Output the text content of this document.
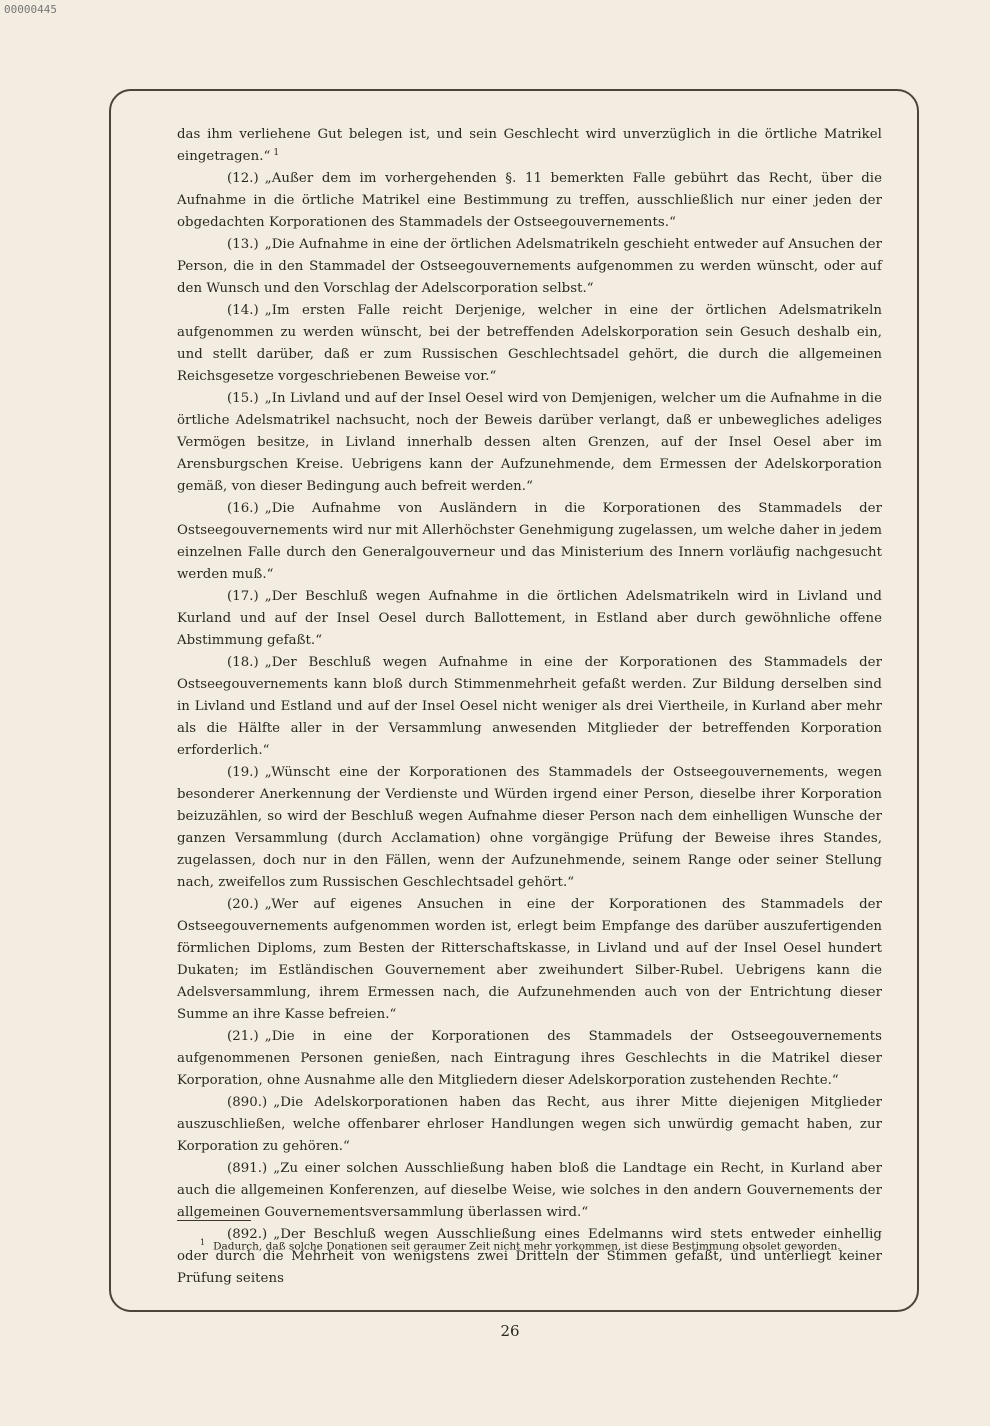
00000445

das ihm verliehene Gut belegen ist, und sein Geschlecht wird unverzüglich in die örtliche Matrikel eingetragen.“ $^1$

(12.) „Außer dem im vorhergehenden §. 11 bemerkten Falle gebührt das Recht, über die Aufnahme in die örtliche Matrikel eine Bestimmung zu treffen, ausschließlich nur einer jeden der obgedachten Korporationen des Stammadels der Ostseegouvernements.“

(13.) „Die Aufnahme in eine der örtlichen Adelsmatrikeln geschieht entweder auf Ansuchen der Person, die in den Stammadel der Ostseegouvernements aufgenommen zu werden wünscht, oder auf den Wunsch und den Vorschlag der Adelscorporation selbst.“

(14.) „Im ersten Falle reicht Derjenige, welcher in eine der örtlichen Adelsmatrikeln aufgenommen zu werden wünscht, bei der betreffenden Adelskorporation sein Gesuch deshalb ein, und stellt darüber, daß er zum Russischen Geschlechtsadel gehört, die durch die allgemeinen Reichsgesetze vorgeschriebenen Beweise vor.“

(15.) „In Livland und auf der Insel Oesel wird von Demjenigen, welcher um die Aufnahme in die örtliche Adelsmatrikel nachsucht, noch der Beweis darüber verlangt, daß er unbewegliches adeliges Vermögen besitze, in Livland innerhalb dessen alten Grenzen, auf der Insel Oesel aber im Arensburgschen Kreise. Uebrigens kann der Aufzunehmende, dem Ermessen der Adelskorporation gemäß, von dieser Bedingung auch befreit werden.“

(16.) „Die Aufnahme von Ausländern in die Korporationen des Stammadels der Ostseegouvernements wird nur mit Allerhöchster Genehmigung zugelassen, um welche daher in jedem einzelnen Falle durch den Generalgouverneur und das Ministerium des Innern vorläufig nachgesucht werden muß.“

(17.) „Der Beschluß wegen Aufnahme in die örtlichen Adelsmatrikeln wird in Livland und Kurland und auf der Insel Oesel durch Ballottement, in Estland aber durch gewöhnliche offene Abstimmung gefaßt.“

(18.) „Der Beschluß wegen Aufnahme in eine der Korporationen des Stammadels der Ostseegouvernements kann bloß durch Stimmenmehrheit gefaßt werden. Zur Bildung derselben sind in Livland und Estland und auf der Insel Oesel nicht weniger als drei Viertheile, in Kurland aber mehr als die Hälfte aller in der Versammlung anwesenden Mitglieder der betreffenden Korporation erforderlich.“

(19.) „Wünscht eine der Korporationen des Stammadels der Ostseegouvernements, wegen besonderer Anerkennung der Verdienste und Würden irgend einer Person, dieselbe ihrer Korporation beizuzählen, so wird der Beschluß wegen Aufnahme dieser Person nach dem einhelligen Wunsche der ganzen Versammlung (durch Acclamation) ohne vorgängige Prüfung der Beweise ihres Standes, zugelassen, doch nur in den Fällen, wenn der Aufzunehmende, seinem Range oder seiner Stellung nach, zweifellos zum Russischen Geschlechtsadel gehört.“

(20.) „Wer auf eigenes Ansuchen in eine der Korporationen des Stammadels der Ostseegouvernements aufgenommen worden ist, erlegt beim Empfange des darüber auszufertigenden förmlichen Diploms, zum Besten der Ritterschaftskasse, in Livland und auf der Insel Oesel hundert Dukaten; im Estländischen Gouvernement aber zweihundert Silber-Rubel. Uebrigens kann die Adelsversammlung, ihrem Ermessen nach, die Aufzunehmenden auch von der Entrichtung dieser Summe an ihre Kasse befreien.“

(21.) „Die in eine der Korporationen des Stammadels der Ostseegouvernements aufgenommenen Personen genießen, nach Eintragung ihres Geschlechts in die Matrikel dieser Korporation, ohne Ausnahme alle den Mitgliedern dieser Adelskorporation zustehenden Rechte.“

(890.) „Die Adelskorporationen haben das Recht, aus ihrer Mitte diejenigen Mitglieder auszuschließen, welche offenbarer ehrloser Handlungen wegen sich unwürdig gemacht haben, zur Korporation zu gehören.“

(891.) „Zu einer solchen Ausschließung haben bloß die Landtage ein Recht, in Kurland aber auch die allgemeinen Konferenzen, auf dieselbe Weise, wie solches in den andern Gouvernements der allgemeinen Gouvernementsversammlung überlassen wird.“

(892.) „Der Beschluß wegen Ausschließung eines Edelmanns wird stets entweder einhellig oder durch die Mehrheit von wenigstens zwei Dritteln der Stimmen gefaßt, und unterliegt keiner Prüfung seitens

$^1$ Dadurch, daß solche Donationen seit geraumer Zeit nicht mehr vorkommen, ist diese Bestimmung obsolet geworden.
26
